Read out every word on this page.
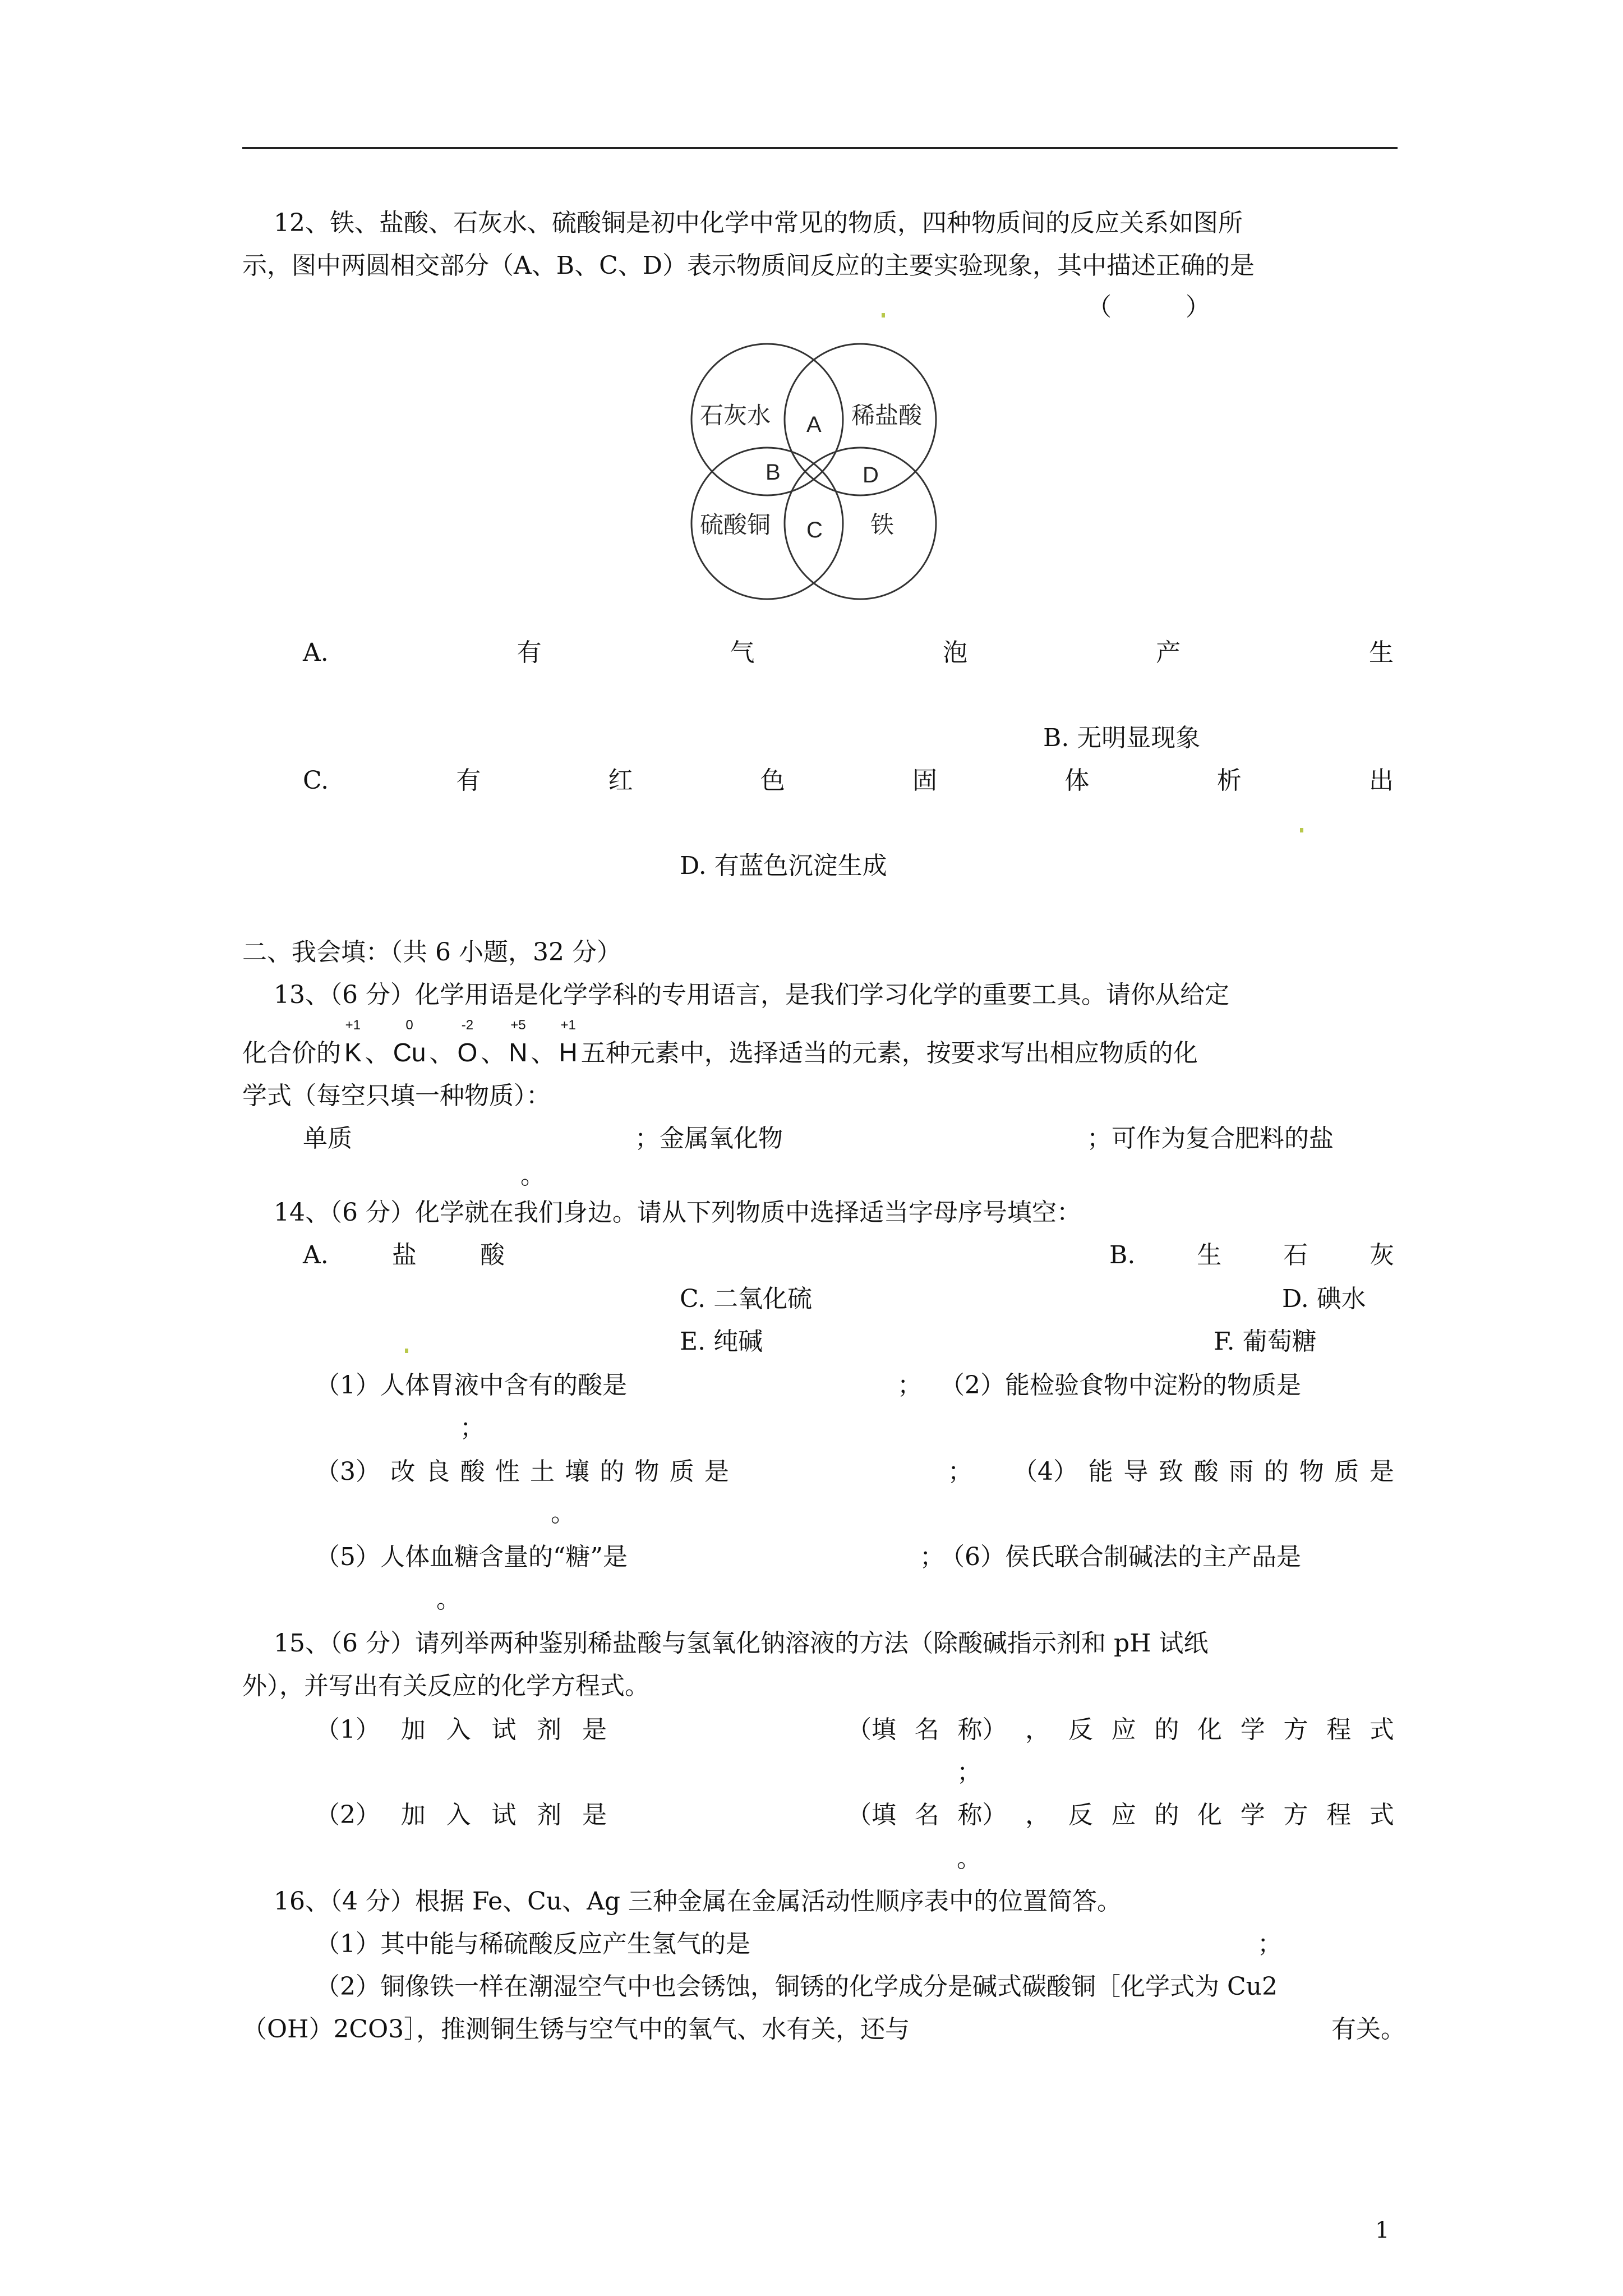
12、铁、盐酸、石灰水、硫酸铜是初中化学中常见的物质，四种物质间的反应关系如图所
示，图中两圆相交部分（A、B、C、D）表示物质间反应的主要实验现象，其中描述正确的是
（　　　）
石灰水	稀盐酸
硫酸铜	铁
A
B
C
D
A.	有	气	泡	产	生
B. 无明显现象
C.	有	红	色	固	体	析	出
D. 有蓝色沉淀生成
二、我会填：（共 6 小题，32 分）
13、（6 分）化学用语是化学学科的专用语言，是我们学习化学的重要工具。请你从给定
化合价的
+1
K 、
0
Cu 、
-2
O 、
+5
N 、
+1
H 五种元素中，选择适当的元素，按要求写出相应物质的化
学式（每空只填一种物质）：
单质	；金属氧化物	；可作为复合肥料的盐
。
14、（6 分）化学就在我们身边。请从下列物质中选择适当字母序号填空：
A.	盐	酸	B. 生 石 灰
C. 二氧化硫	D. 碘水
E. 纯碱	F. 葡萄糖
（1）人体胃液中含有的酸是	； （2）能检验食物中淀粉的物质是
；
（3） 改 良 酸 性 土 壤 的 物 质 是	； （4） 能 导 致 酸 雨 的 物 质 是
。
（5）人体血糖含量的“糖”是	；
（6）侯氏联合制碱法的主产品是
。
15、（6 分）请列举两种鉴别稀盐酸与氢氧化钠溶液的方法（除酸碱指示剂和 pH 试纸
外），并写出有关反应的化学方程式。
（1） 加 入 试 剂 是	（填 名 称） ， 反 应 的 化 学 方 程 式
；
（2） 加 入 试 剂 是	（填 名 称） ， 反 应 的 化 学 方 程 式
。
16、（4 分）根据 Fe、Cu、Ag 三种金属在金属活动性顺序表中的位置简答。
（1）其中能与稀硫酸反应产生氢气的是	；
（2）铜像铁一样在潮湿空气中也会锈蚀，铜锈的化学成分是碱式碳酸铜［化学式为 Cu2
（OH）2CO3］，推测铜生锈与空气中的氧气、水有关，还与	有关。
1
